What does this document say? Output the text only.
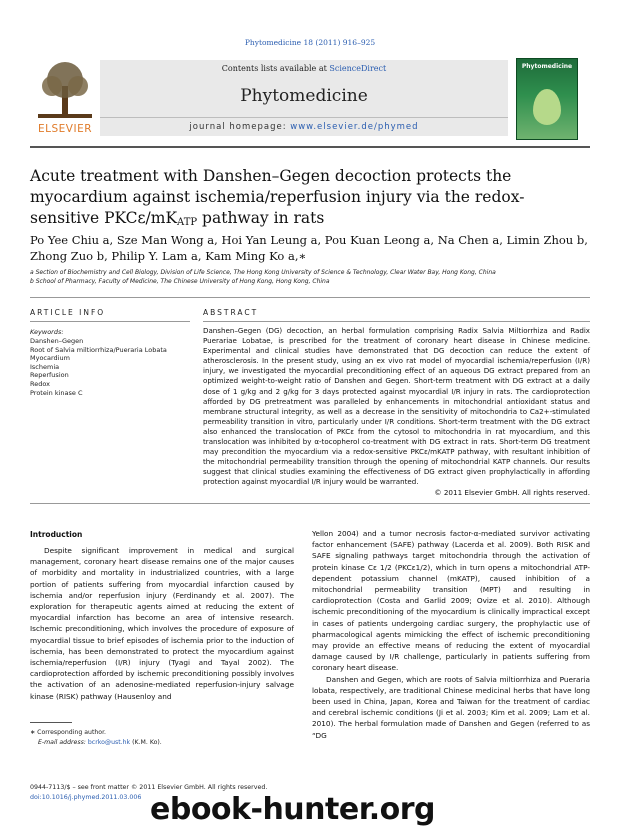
Phytomedicine 18 (2011) 916–925
ELSEVIER
Contents lists available at ScienceDirect
Phytomedicine
journal homepage: www.elsevier.de/phymed
Phytomedicine
Acute treatment with Danshen–Gegen decoction protects the myocardium against ischemia/reperfusion injury via the redox-sensitive PKCε/$mK_{ATP}$ pathway in rats
Po Yee Chiu a, Sze Man Wong a, Hoi Yan Leung a, Pou Kuan Leong a, Na Chen a, Limin Zhou b,
Zhong Zuo b, Philip Y. Lam a, Kam Ming Ko a,∗
a Section of Biochemistry and Cell Biology, Division of Life Science, The Hong Kong University of Science & Technology, Clear Water Bay, Hong Kong, China
b School of Pharmacy, Faculty of Medicine, The Chinese University of Hong Kong, Hong Kong, China
ARTICLE INFO	ABSTRACT
Keywords:
Danshen–Gegen
Root of Salvia miltiorrhiza/Pueraria Lobata
Myocardium
Ischemia
Reperfusion
Redox
Protein kinase C
Danshen–Gegen (DG) decoction, an herbal formulation comprising Radix Salvia Miltiorrhiza and Radix Puerariae Lobatae, is prescribed for the treatment of coronary heart disease in Chinese medicine. Experimental and clinical studies have demonstrated that DG decoction can reduce the extent of atherosclerosis. In the present study, using an ex vivo rat model of myocardial ischemia/reperfusion (I/R) injury, we investigated the myocardial preconditioning effect of an aqueous DG extract prepared from an optimized weight-to-weight ratio of Danshen and Gegen. Short-term treatment with DG extract at a daily dose of 1 g/kg and 2 g/kg for 3 days protected against myocardial I/R injury in rats. The cardioprotection afforded by DG pretreatment was paralleled by enhancements in mitochondrial antioxidant status and membrane structural integrity, as well as a decrease in the sensitivity of mitochondria to Ca2+-stimulated permeability transition in vitro, particularly under I/R conditions. Short-term treatment with the DG extract also enhanced the translocation of PKCε from the cytosol to mitochondria in rat myocardium, and this translocation was inhibited by α-tocopherol co-treatment with DG extract in rats. Short-term DG treatment may precondition the myocardium via a redox-sensitive PKCε/mKATP pathway, with resultant inhibition of the mitochondrial permeability transition through the opening of mitochondrial KATP channels. Our results suggest that clinical studies examining the effectiveness of DG extract given prophylactically in affording protection against myocardial I/R injury would be warranted.
© 2011 Elsevier GmbH. All rights reserved.
Introduction
Despite significant improvement in medical and surgical management, coronary heart disease remains one of the major causes of morbidity and mortality in industrialized countries, with a large portion of patients suffering from myocardial infarction caused by ischemia and/or reperfusion injury (Ferdinandy et al. 2007). The exploration for therapeutic agents aimed at reducing the extent of myocardial infarction has become an area of intensive research. Ischemic preconditioning, which involves the procedure of exposure of myocardial tissue to brief episodes of ischemia prior to the induction of ischemia, has been demonstrated to protect the myocardium against ischemia/reperfusion (I/R) injury (Tyagi and Tayal 2002). The cardioprotection afforded by ischemic preconditioning possibly involves the activation of an adenosine-mediated reperfusion-injury salvage kinase (RISK) pathway (Hausenloy and

Yellon 2004) and a tumor necrosis factor-α-mediated survivor activating factor enhancement (SAFE) pathway (Lacerda et al. 2009). Both RISK and SAFE signaling pathways target mitochondria through the activation of protein kinase Cε 1/2 (PKCε1/2), which in turn opens a mitochondrial ATP-dependent potassium channel (mKATP), caused inhibition of a mitochondrial permeability transition (MPT) and resulting in cardioprotection (Costa and Garlid 2009; Ovize et al. 2010). Although ischemic preconditioning of the myocardium is clinically impractical except in cases of patients undergoing cardiac surgery, the prophylactic use of pharmacological agents mimicking the effect of ischemic preconditioning may provide an effective means of reducing the extent of myocardial damage caused by I/R challenge, particularly in patients suffering from coronary heart disease.

Danshen and Gegen, which are roots of Salvia miltiorrhiza and Pueraria lobata, respectively, are traditional Chinese medicinal herbs that have long been used in China, Japan, Korea and Taiwan for the treatment of cardiac and cerebral ischemic conditions (Ji et al. 2003; Kim et al. 2009; Lam et al. 2010). The herbal formulation made of Danshen and Gegen (referred to as “DG

∗ Corresponding author.
E-mail address: bcrko@ust.hk (K.M. Ko).
0944-7113/$ – see front matter © 2011 Elsevier GmbH. All rights reserved.
doi:10.1016/j.phymed.2011.03.006 ebook-hunter.org
